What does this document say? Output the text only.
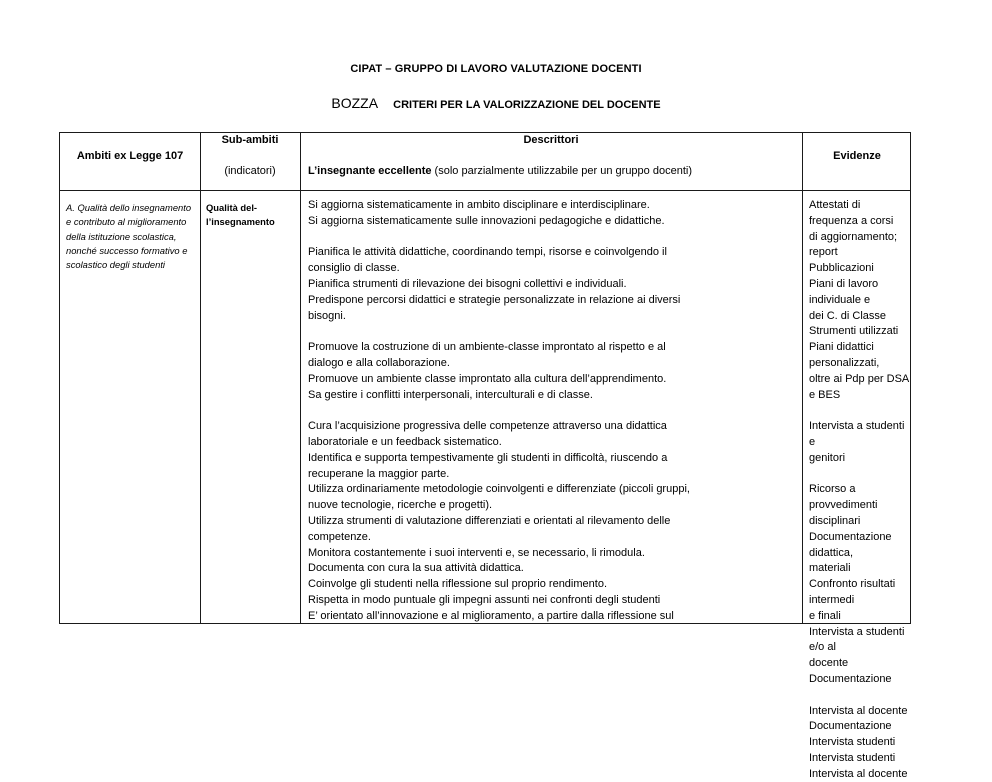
CIPAT – GRUPPO DI LAVORO VALUTAZIONE DOCENTI
BOZZA CRITERI PER LA VALORIZZAZIONE DEL DOCENTE
Ambiti ex Legge 107
Sub-ambiti
(indicatori)
Descrittori
L’insegnante eccellente (solo parzialmente utilizzabile per un gruppo docenti)
Evidenze
A. Qualità dello insegnamento e contributo al miglioramento della istituzione scolastica, nonché successo formativo e scolastico degli studenti
Qualità del-l’insegnamento
Si aggiorna sistematicamente in ambito disciplinare e interdisciplinare.
Si aggiorna sistematicamente sulle innovazioni pedagogiche e didattiche.

Pianifica le attività didattiche, coordinando tempi, risorse e coinvolgendo il
consiglio di classe.
Pianifica strumenti di rilevazione dei bisogni collettivi e individuali.
Predispone percorsi didattici e strategie personalizzate in relazione ai diversi
bisogni.

Promuove la costruzione di un ambiente-classe improntato al rispetto e al
dialogo e alla collaborazione.
Promuove un ambiente classe improntato alla cultura dell’apprendimento.
Sa gestire i conflitti interpersonali, interculturali e di classe.

Cura l’acquisizione progressiva delle competenze attraverso una didattica
laboratoriale e un feedback sistematico.
Identifica e supporta tempestivamente gli studenti in difficoltà, riuscendo a
recuperane la maggior parte.
Utilizza ordinariamente metodologie coinvolgenti e differenziate (piccoli gruppi,
nuove tecnologie, ricerche e progetti).
Utilizza strumenti di valutazione differenziati e orientati al rilevamento delle
competenze.
Monitora costantemente i suoi interventi e, se necessario, li rimodula.
Documenta con cura la sua attività didattica.
Coinvolge gli studenti nella riflessione sul proprio rendimento.
Rispetta in modo puntuale gli impegni assunti nei confronti degli studenti
E’ orientato all’innovazione e al miglioramento, a partire dalla riflessione sul
Attestati di frequenza a corsi
di aggiornamento; report
Pubblicazioni
Piani di lavoro individuale e
dei C. di Classe
Strumenti utilizzati
Piani didattici personalizzati,
oltre ai Pdp per DSA e BES

Intervista a studenti e
genitori

Ricorso a provvedimenti
disciplinari
Documentazione didattica,
materiali
Confronto risultati intermedi
e finali
Intervista a studenti e/o al
docente
Documentazione

Intervista al docente
Documentazione
Intervista studenti
Intervista studenti
Intervista al docente
